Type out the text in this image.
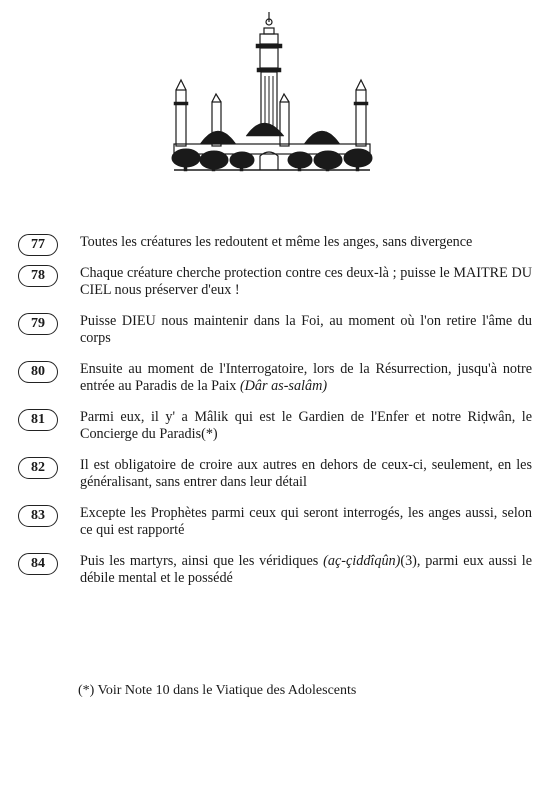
77	Toutes les créatures les redoutent et même les anges, sans divergence
78	Chaque créature cherche protection contre ces deux-là ; puisse le MAITRE DU CIEL nous préserver d'eux !
79	Puisse DIEU nous maintenir dans la Foi, au moment où l'on retire l'âme du corps
80	Ensuite au moment de l'Interrogatoire, lors de la Résurrection, jusqu'à notre entrée au Paradis de la Paix (Dâr as-salâm)
81	Parmi eux, il y' a Mâlik qui est le Gardien de l'Enfer et notre Riḍwân, le Concierge du Paradis(*)
82	Il est obligatoire de croire aux autres en dehors de ceux-ci, seulement, en les généralisant, sans entrer dans leur détail
83	Excepte les Prophètes parmi ceux qui seront interrogés, les anges aussi, selon ce qui est rapporté
84	Puis les martyrs, ainsi que les véridiques (aç-çiddîqûn)(3), parmi eux aussi le débile mental et le possédé
(*) Voir Note 10 dans le Viatique des Adolescents
